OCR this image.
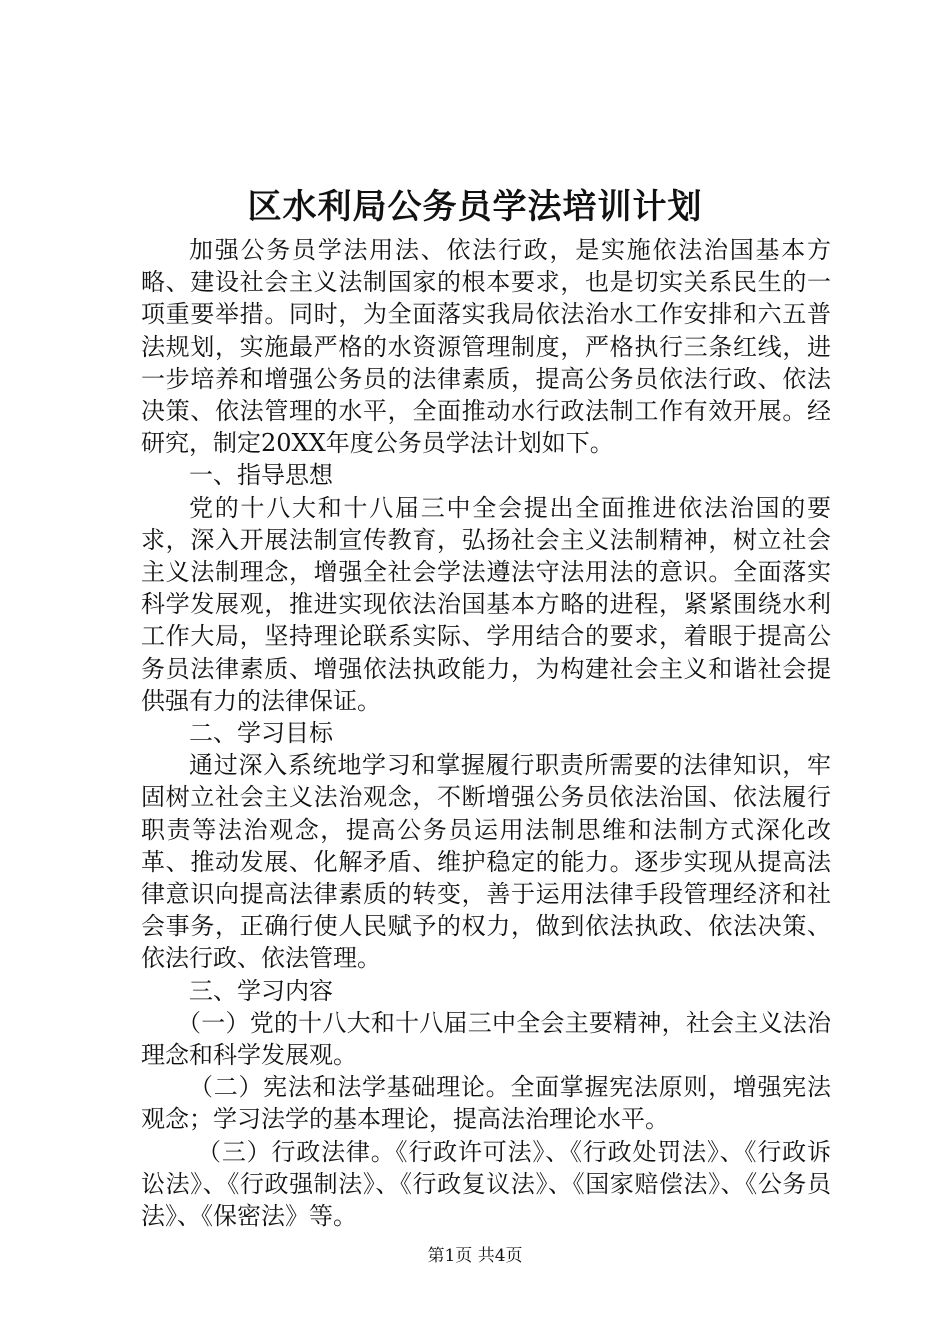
区水利局公务员学法培训计划

加强公务员学法用法、依法行政，是实施依法治国基本方略、建设社会主义法制国家的根本要求，也是切实关系民生的一项重要举措。同时，为全面落实我局依法治水工作安排和六五普法规划，实施最严格的水资源管理制度，严格执行三条红线，进一步培养和增强公务员的法律素质，提高公务员依法行政、依法决策、依法管理的水平，全面推动水行政法制工作有效开展。经研究，制定20XX年度公务员学法计划如下。

一、指导思想

党的十八大和十八届三中全会提出全面推进依法治国的要求，深入开展法制宣传教育，弘扬社会主义法制精神，树立社会主义法制理念，增强全社会学法遵法守法用法的意识。全面落实科学发展观，推进实现依法治国基本方略的进程，紧紧围绕水利工作大局，坚持理论联系实际、学用结合的要求，着眼于提高公务员法律素质、增强依法执政能力，为构建社会主义和谐社会提供强有力的法律保证。

二、学习目标

通过深入系统地学习和掌握履行职责所需要的法律知识，牢固树立社会主义法治观念，不断增强公务员依法治国、依法履行职责等法治观念，提高公务员运用法制思维和法制方式深化改革、推动发展、化解矛盾、维护稳定的能力。逐步实现从提高法律意识向提高法律素质的转变，善于运用法律手段管理经济和社会事务，正确行使人民赋予的权力，做到依法执政、依法决策、依法行政、依法管理。

三、学习内容

（一）党的十八大和十八届三中全会主要精神，社会主义法治理念和科学发展观。

（二）宪法和法学基础理论。全面掌握宪法原则，增强宪法观念；学习法学的基本理论，提高法治理论水平。

（三）行政法律。《行政许可法》、《行政处罚法》、《行政诉讼法》、《行政强制法》、《行政复议法》、《国家赔偿法》、《公务员法》、《保密法》等。

第1页 共4页
